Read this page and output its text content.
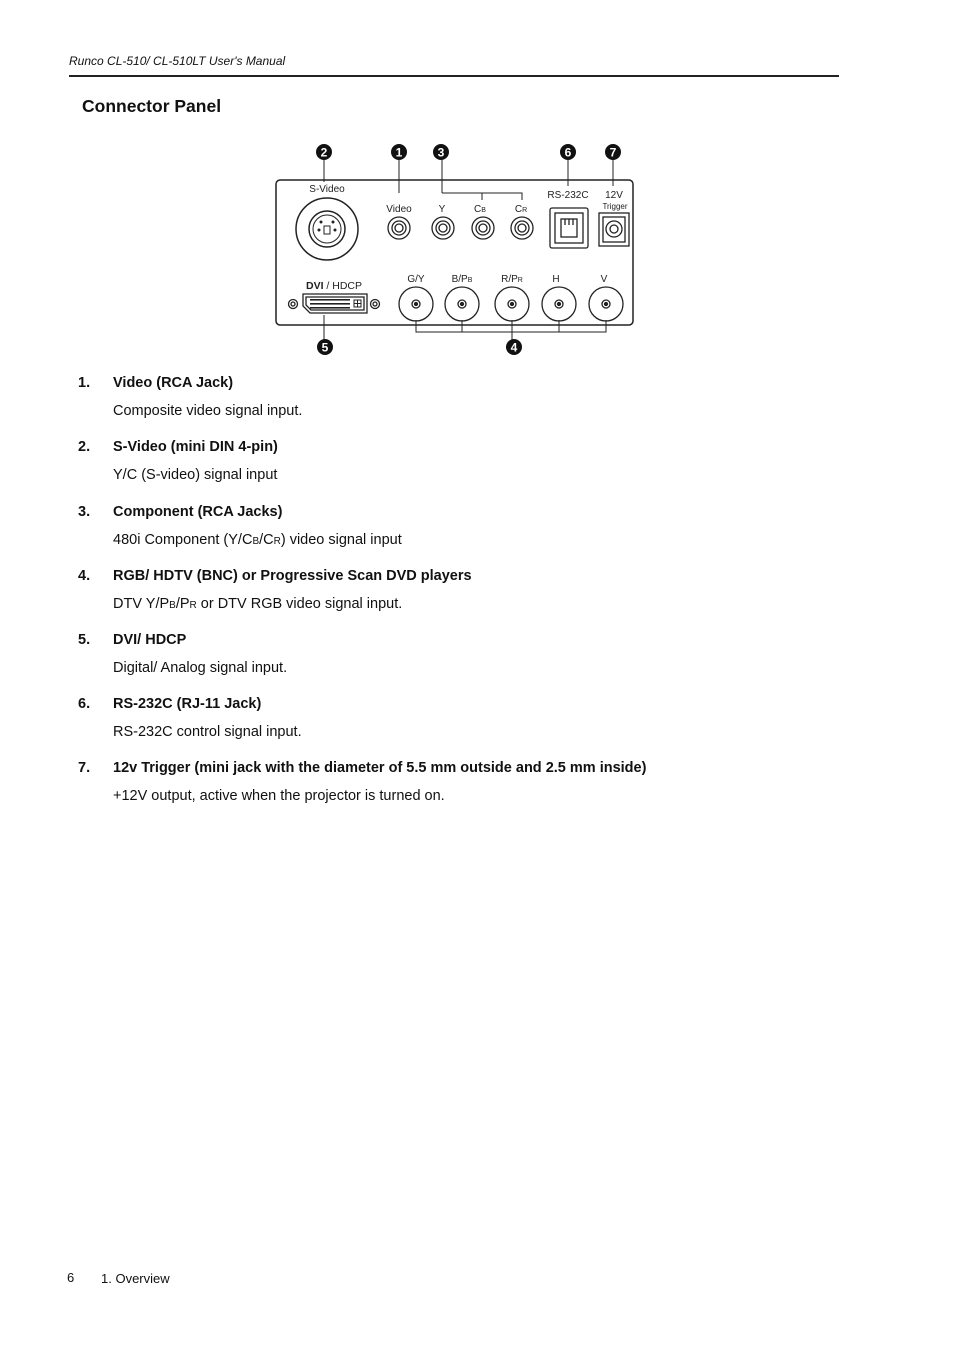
Runco CL-510/ CL-510LT User's Manual
Connector Panel
2	1	3	6	7
5	4
S-Video
Video	Y	CB	CR
RS-232C 12V
Trigger
DVI / HDCP
G/Y	B/PB	R/PR	H	V
1.	Video (RCA Jack)
Composite video signal input.
2.	S-Video (mini DIN 4-pin)
Y/C (S-video) signal input
3.	Component (RCA Jacks)
480i Component (Y/CB/CR) video signal input
4.	RGB/ HDTV (BNC) or Progressive Scan DVD players
DTV Y/PB/PR or DTV RGB video signal input.
5.	DVI/ HDCP
Digital/ Analog signal input.
6.	RS-232C (RJ-11 Jack)
RS-232C control signal input.
7.	12v Trigger (mini jack with the diameter of 5.5 mm outside and 2.5 mm inside)
+12V output, active when the projector is turned on.
6 1. Overview
